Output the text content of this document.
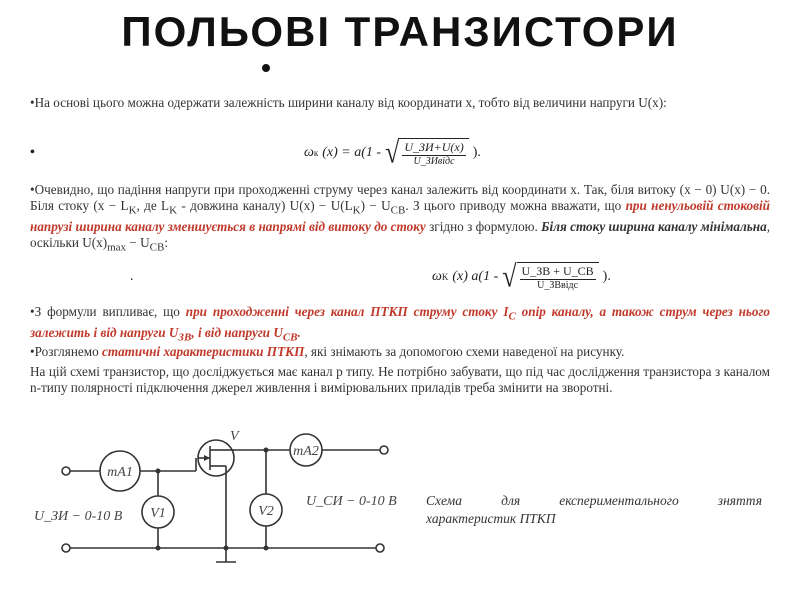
ПОЛЬОВІ ТРАНЗИСТОРИ

•На основі цього можна одержати залежність ширини каналу від координати x, тобто від величини напруги U(x):

•	ω к (x) = a(1 - √ $\frac{U\_ЗИ+U(x)}{\text{U\_ЗИвідс}}$ ).

•Очевидно, що падіння напруги при проходженні струму через канал залежить від координати x. Так, біля витоку (x − 0) U(x) − 0. Біля стоку ($x - L_K$, де $L_K$ - довжина каналу) $U(x) - U(L_K) - U_{СВ}$. З цього приводу можна вважати, що при ненульовій стоковій напрузі ширина каналу зменшується в напрямі від витоку до стоку згідно з формулою. Біля стоку ширина каналу мінімальна, оскільки $U(x)_{max} - U_{СВ}$:

.	ω K (x) a(1 - √ $\frac{U\_ЗВ + U\_СВ}{\text{U\_ЗВвідс}}$ ).

•З формули випливає, що при проходженні через канал ПТКП струму стоку $I_C$ опір каналу, а також струм через нього залежить і від напруги $U_{ЗВ}$, і від напруги $U_{СВ}$.

•Розглянемо статичні характеристики ПТКП, які знімають за допомогою схеми наведеної на рисунку.

На цій схемі транзистор, що досліджується має канал p типу. Не потрібно забувати, що під час дослідження транзистора з каналом n-типу полярності підключення джерел живлення і вимірювальних приладів треба змінити на зворотні.

mA1
V1
mA2
V2
V
U_ЗИ − 0-10 В
U_СИ − 0-10 В Схема      для      експериментального      зняття
характеристик ПТКП
